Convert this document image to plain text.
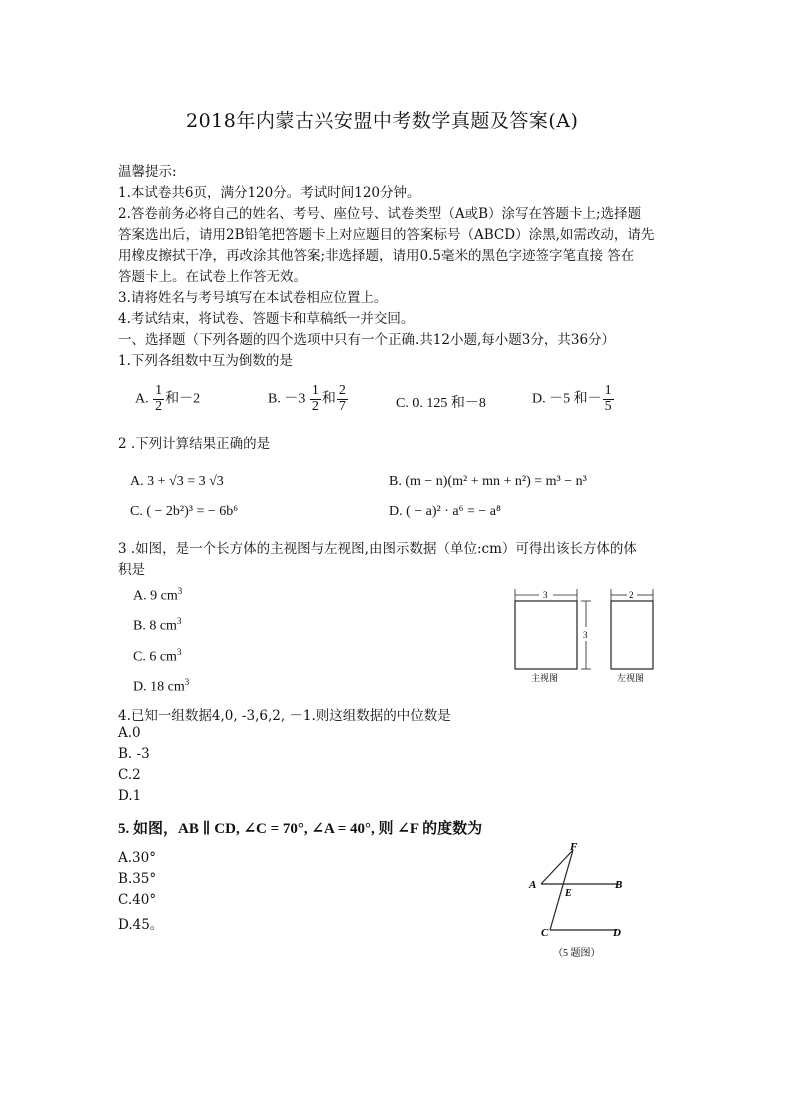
2018年内蒙古兴安盟中考数学真题及答案(A)
温馨提示:
1.本试卷共6页，满分120分。考试时间120分钟。
2.答卷前务必将自己的姓名、考号、座位号、试卷类型（A或B）涂写在答题卡上;选择题
答案选出后，请用2B铅笔把答题卡上对应题目的答案标号（ABCD）涂黑,如需改动，请先
用橡皮擦拭干净，再改涂其他答案;非选择题，请用0.5毫米的黑色字迹签字笔直接 答在
答题卡上。在试卷上作答无效。
3.请将姓名与考号填写在本试卷相应位置上。
4.考试结束，将试卷、答题卡和草稿纸一并交回。
一、选择题（下列各题的四个选项中只有一个正确.共12小题,每小题3分，共36分）
1.下列各组数中互为倒数的是
A. $\frac{1}{2}$ 和－2	B. $-3 \frac{1}{2}$ 和 $\frac{2}{7}$	C. 0. 125 和－8	D. －5 和－ $\frac{1}{5}$
2 .下列计算结果正确的是
A. 3 + √3 = 3 √3	B. (m − n)(m² + mn + n²) = m³ − n³
C. ( − 2b²)³ = − 6b⁶	D. ( − a)² · a⁶ = − a⁸
3 .如图，是一个长方体的主视图与左视图,由图示数据（单位:cm）可得出该长方体的体
积是
A. 9 $cm^3$
B. 8 $cm^3$
C. 6 $cm^3$
D. 18 $cm^3$
3
3
主视图
2
左视图
4.已知一组数据4,0, -3,6,2, －1.则这组数据的中位数是
A.0
B. -3
C.2
D.1
5. 如图，AB ∥ CD, ∠C = 70°, ∠A = 40°, 则 ∠F 的度数为
A.30°
B.35°
C.40°
D.45。
F
A
E
B
C	D
（5 题图）
